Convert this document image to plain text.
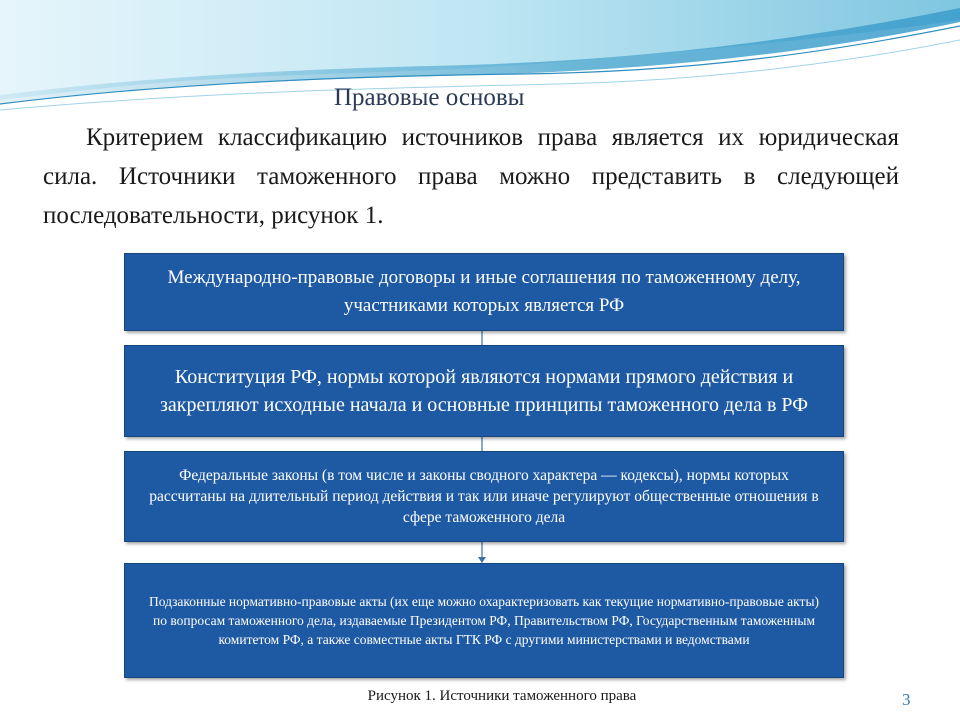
Правовые основы

Критерием классификацию источников права является их юридическая сила. Источники таможенного права можно представить в следующей последовательности, рисунок 1.

Международно-правовые договоры и иные соглашения по таможенному делу, участниками которых является РФ
Конституция РФ, нормы которой являются нормами прямого действия и закрепляют исходные начала и основные принципы таможенного дела в РФ
Федеральные законы (в том числе и законы сводного характера — кодексы), нормы которых рассчитаны на длительный период действия и так или иначе регулируют общественные отношения в сфере таможенного дела
Подзаконные нормативно-правовые акты (их еще можно охарактеризовать как текущие нормативно-правовые акты) по вопросам таможенного дела, издаваемые Президентом РФ, Правительством РФ, Государственным таможенным комитетом РФ, а также совместные акты ГТК РФ с другими министерствами и ведомствами
Рисунок 1. Источники таможенного права	3
